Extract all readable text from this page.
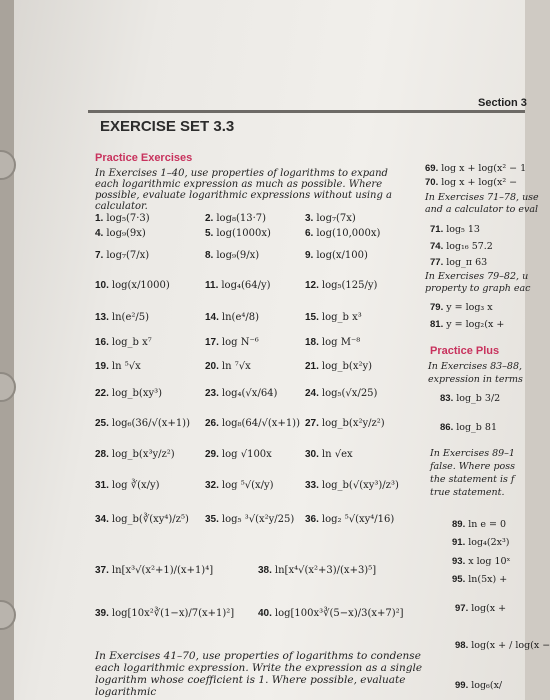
Section 3
EXERCISE SET 3.3
Practice Exercises
In Exercises 1–40, use properties of logarithms to expand each logarithmic expression as much as possible. Where possible, evaluate logarithmic expressions without using a calculator.
1. log₅(7·3)	2. log₈(13·7)	3. log₇(7x)
4. log₉(9x)	5. log(1000x)	6. log(10,000x)
7. log₇(7/x)	8. log₉(9/x)	9. log(x/100)
10. log(x/1000)	11. log₄(64/y)	12. log₅(125/y)
13. ln(e²/5)	14. ln(e⁴/8)	15. log_b x³
16. log_b x⁷	17. log N⁻⁶	18. log M⁻⁸
19. ln ⁵√x	20. ln ⁷√x	21. log_b(x²y)
22. log_b(xy³)	23. log₄(√x/64)	24. log₅(√x/25)
25. log₆(36/√(x+1)) 26. log₈(64/√(x+1)) 27. log_b(x²y/z²)
28. log_b(x³y/z²)	29. log √100x	30. ln √ex
31. log ∛(x/y)	32. log ⁵√(x/y)	33. log_b(√(xy³)/z³)
34. log_b(∛(xy⁴)/z⁵) 35. log₅ ³√(x²y/25) 36. log₂ ⁵√(xy⁴/16)
37. ln[x³√(x²+1)/(x+1)⁴]	38. ln[x⁴√(x²+3)/(x+3)⁵]
39. log[10x²∛(1−x)/7(x+1)²] 40. log[100x³∛(5−x)/3(x+7)²]
69. log x + log(x² − 1
70. log x + log(x² −
In Exercises 71–78, use
and a calculator to eval
71. log₅ 13
74. log₁₆ 57.2
77. log_π 63
In Exercises 79–82, u
property to graph eac
79. y = log₃ x
81. y = log₂(x +
Practice Plus
In Exercises 83–88,
expression in terms
83. log_b 3/2
86. log_b 81
In Exercises 89–1
false. Where poss
the statement is f
true statement.
89. ln e = 0
91. log₄(2x³)
93. x log 10ˣ
95. ln(5x) +
97. log(x +
98. log(x + / log(x −
99. log₆(x/
In Exercises 41–70, use properties of logarithms to condense each logarithmic expression. Write the expression as a single logarithm whose coefficient is 1. Where possible, evaluate logarithmic
